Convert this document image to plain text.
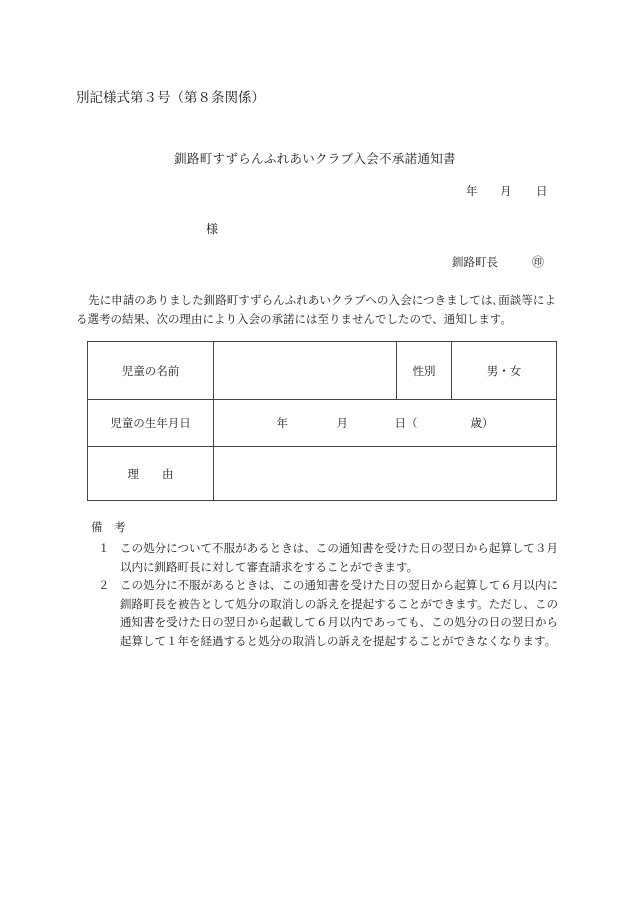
別記様式第３号（第８条関係）
釧路町すずらんふれあいクラブ入会不承諾通知書
年 月 日
様
釧路町長	㊞
先に申請のありました釧路町すずらんふれあいクラブへの入会につきましては､面談等による選考の結果、次の理由により入会の承諾には至りませんでしたので、通知します。
児童の名前		性別	男・女
児童の生年月日	年 月 日（ 歳）		
理　　由			
備　考
１ この処分について不服があるときは、この通知書を受けた日の翌日から起算して３月以内に釧路町長に対して審査請求をすることができます。
２ この処分に不服があるときは、この通知書を受けた日の翌日から起算して６月以内に釧路町長を被告として処分の取消しの訴えを提起することができます。ただし、この通知書を受けた日の翌日から起載して６月以内であっても、この処分の日の翌日から起算して１年を経過すると処分の取消しの訴えを提起することができなくなります。
